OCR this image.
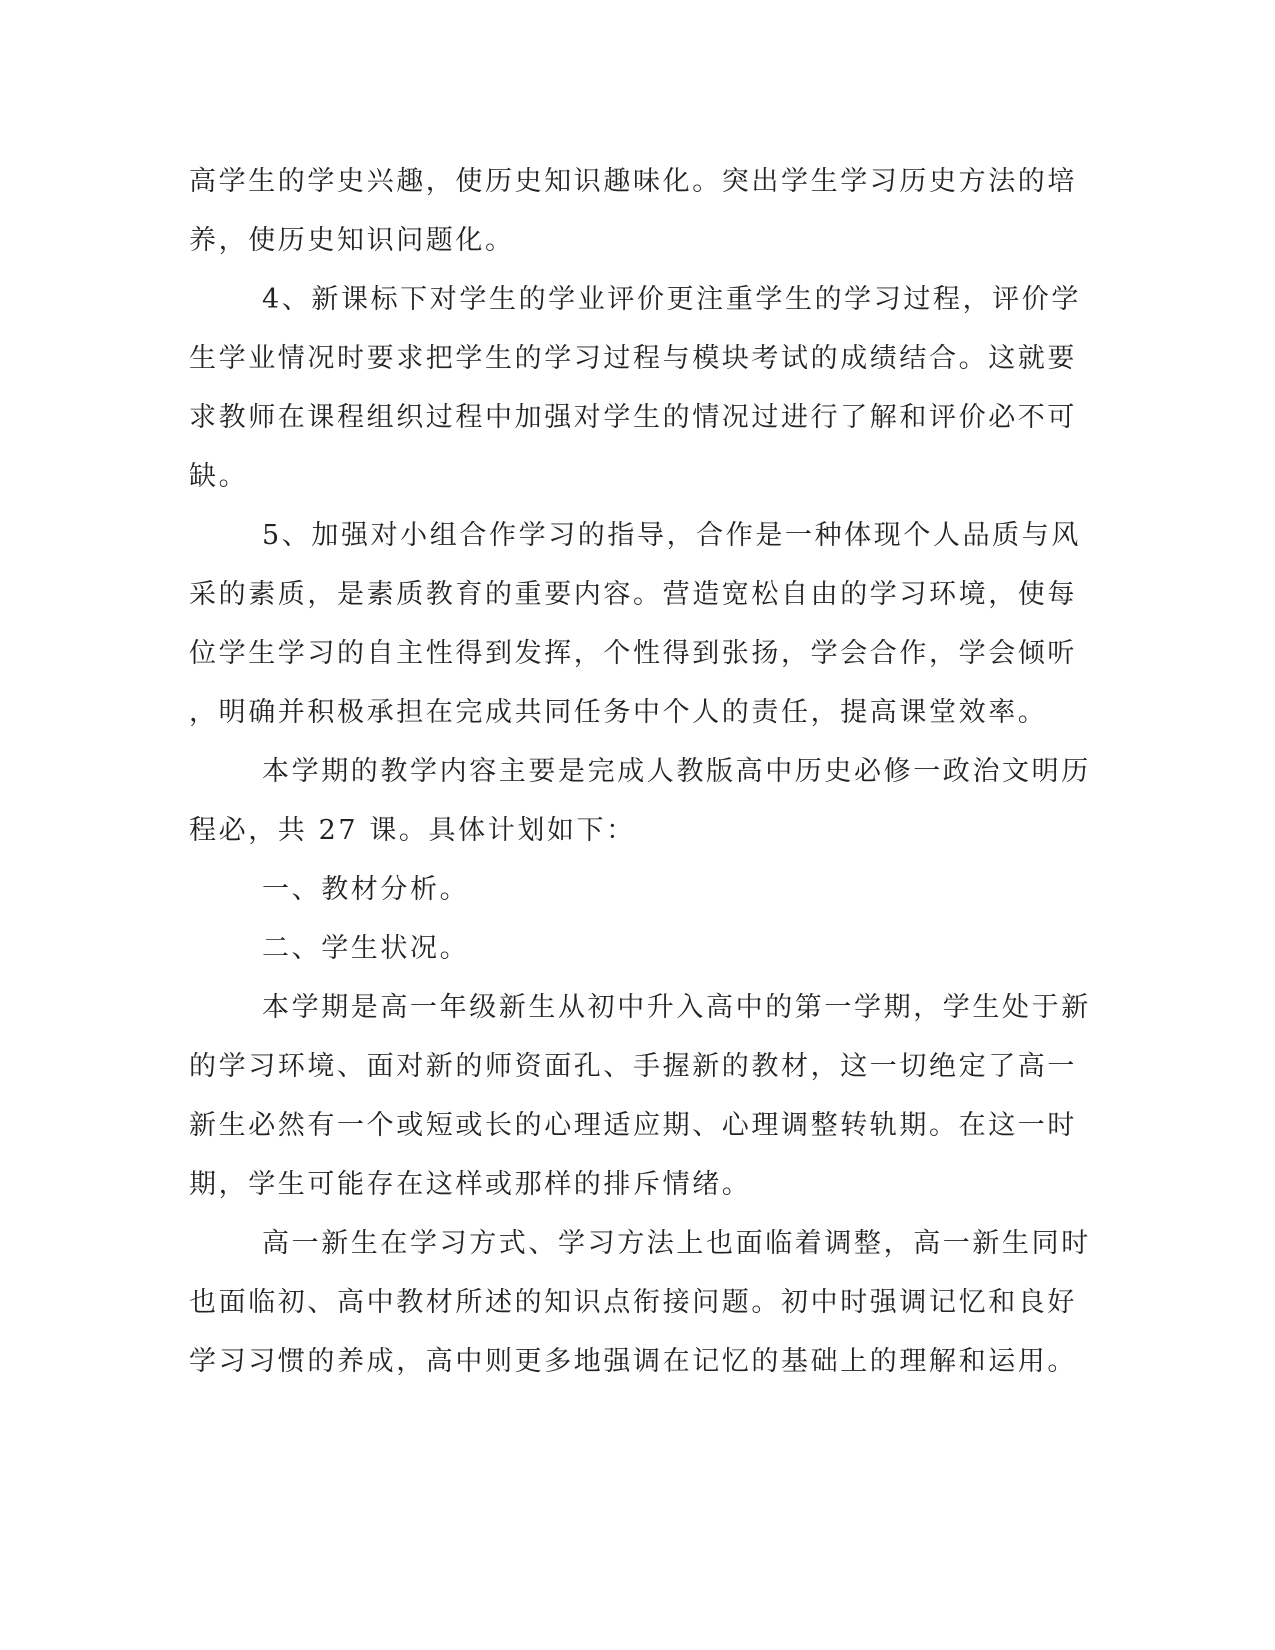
高学生的学史兴趣，使历史知识趣味化。突出学生学习历史方法的培
养，使历史知识问题化。
4、新课标下对学生的学业评价更注重学生的学习过程，评价学
生学业情况时要求把学生的学习过程与模块考试的成绩结合。这就要
求教师在课程组织过程中加强对学生的情况过进行了解和评价必不可
缺。
5、加强对小组合作学习的指导，合作是一种体现个人品质与风
采的素质，是素质教育的重要内容。营造宽松自由的学习环境，使每
位学生学习的自主性得到发挥，个性得到张扬，学会合作，学会倾听
，明确并积极承担在完成共同任务中个人的责任，提高课堂效率。
本学期的教学内容主要是完成人教版高中历史必修一政治文明历
程必，共 27 课。具体计划如下：
一、教材分析。
二、学生状况。
本学期是高一年级新生从初中升入高中的第一学期，学生处于新
的学习环境、面对新的师资面孔、手握新的教材，这一切绝定了高一
新生必然有一个或短或长的心理适应期、心理调整转轨期。在这一时
期，学生可能存在这样或那样的排斥情绪。
高一新生在学习方式、学习方法上也面临着调整，高一新生同时
也面临初、高中教材所述的知识点衔接问题。初中时强调记忆和良好
学习习惯的养成，高中则更多地强调在记忆的基础上的理解和运用。
